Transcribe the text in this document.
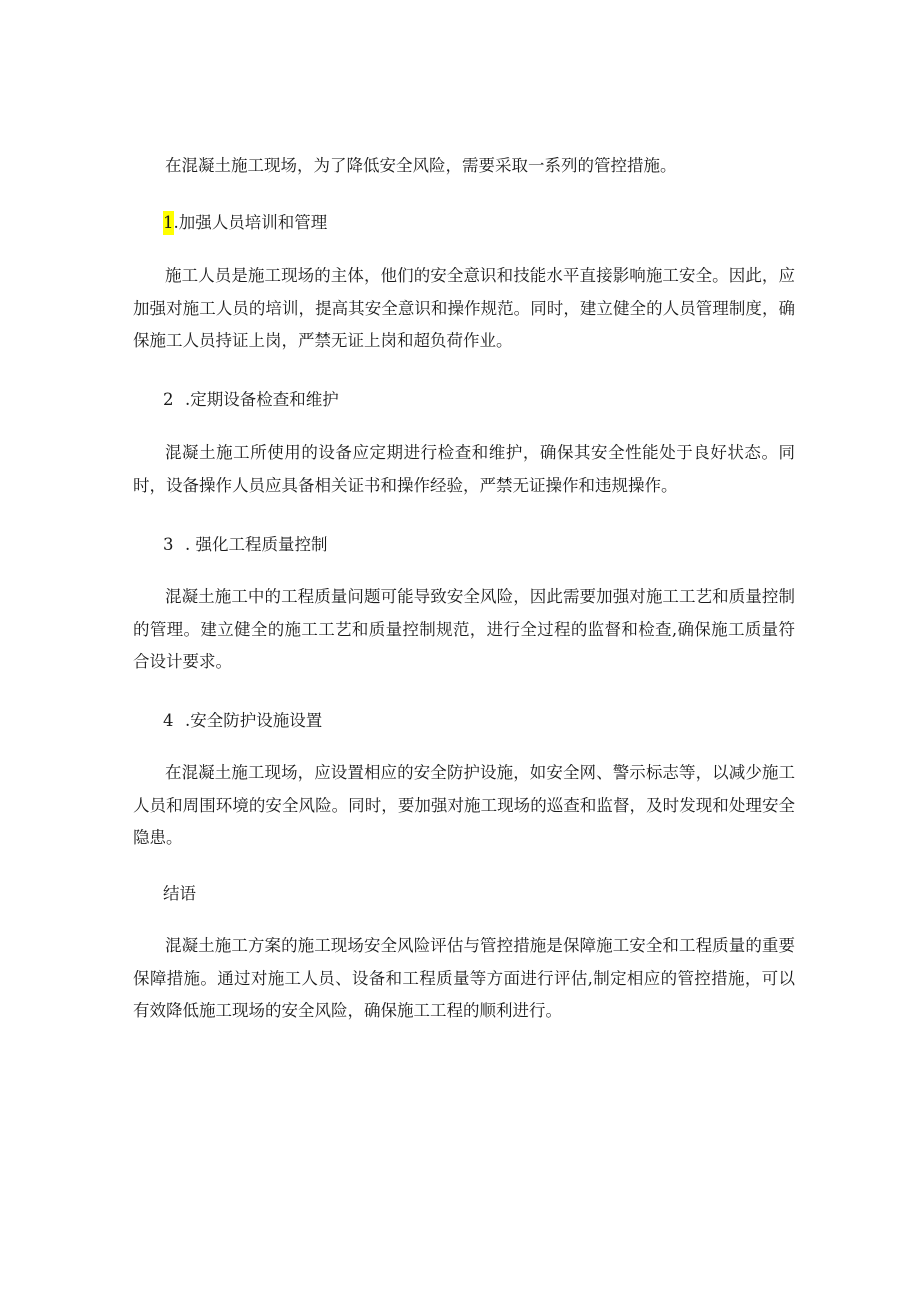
在混凝土施工现场，为了降低安全风险，需要采取一系列的管控措施。

1.加强人员培训和管理

施工人员是施工现场的主体，他们的安全意识和技能水平直接影响施工安全。因此，应加强对施工人员的培训，提高其安全意识和操作规范。同时，建立健全的人员管理制度，确保施工人员持证上岗，严禁无证上岗和超负荷作业。

2 .定期设备检查和维护

混凝土施工所使用的设备应定期进行检查和维护，确保其安全性能处于良好状态。同时，设备操作人员应具备相关证书和操作经验，严禁无证操作和违规操作。

3 . 强化工程质量控制

混凝土施工中的工程质量问题可能导致安全风险，因此需要加强对施工工艺和质量控制的管理。建立健全的施工工艺和质量控制规范，进行全过程的监督和检查,确保施工质量符合设计要求。

4 .安全防护设施设置

在混凝土施工现场，应设置相应的安全防护设施，如安全网、警示标志等，以减少施工人员和周围环境的安全风险。同时，要加强对施工现场的巡查和监督，及时发现和处理安全隐患。

结语

混凝土施工方案的施工现场安全风险评估与管控措施是保障施工安全和工程质量的重要保障措施。通过对施工人员、设备和工程质量等方面进行评估,制定相应的管控措施，可以有效降低施工现场的安全风险，确保施工工程的顺利进行。
